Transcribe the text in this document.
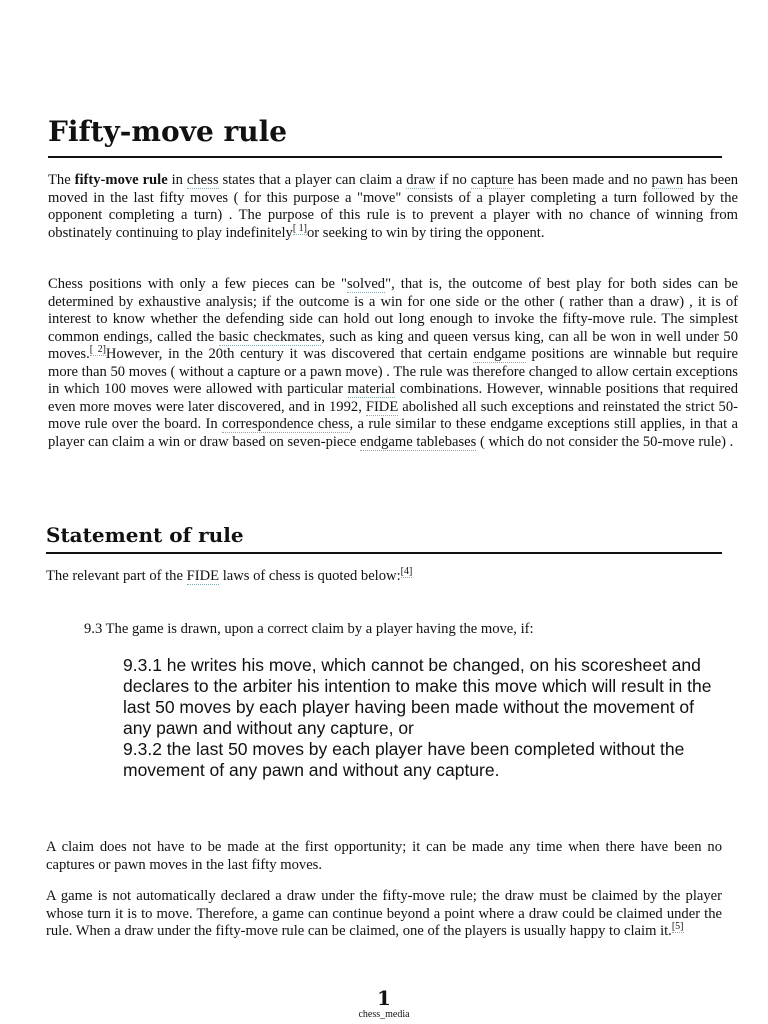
Fifty-move rule

The fifty-move rule in chess states that a player can claim a draw if no capture has been made and no pawn has been moved in the last fifty moves ( for this purpose a "move" consists of a player completing a turn followed by the opponent completing a turn) . The purpose of this rule is to prevent a player with no chance of winning from obstinately continuing to play indefinitely[ 1]or seeking to win by tiring the opponent.

Chess positions with only a few pieces can be "solved", that is, the outcome of best play for both sides can be determined by exhaustive analysis; if the outcome is a win for one side or the other ( rather than a draw) , it is of interest to know whether the defending side can hold out long enough to invoke the fifty-move rule. The simplest common endings, called the basic checkmates, such as king and queen versus king, can all be won in well under 50 moves.[ 2]However, in the 20th century it was discovered that certain endgame positions are winnable but require more than 50 moves ( without a capture or a pawn move) . The rule was therefore changed to allow certain exceptions in which 100 moves were allowed with particular material combinations. However, winnable positions that required even more moves were later discovered, and in 1992, FIDE abolished all such exceptions and reinstated the strict 50-move rule over the board. In correspondence chess, a rule similar to these endgame exceptions still applies, in that a player can claim a win or draw based on seven-piece endgame tablebases ( which do not consider the 50-move rule) .

Statement of rule

The relevant part of the FIDE laws of chess is quoted below:[4]

9.3 The game is drawn, upon a correct claim by a player having the move, if:

9.3.1 he writes his move, which cannot be changed, on his scoresheet and declares to the arbiter his intention to make this move which will result in the last 50 moves by each player having been made without the movement of any pawn and without any capture, or
9.3.2 the last 50 moves by each player have been completed without the movement of any pawn and without any capture.

A claim does not have to be made at the first opportunity; it can be made any time when there have been no captures or pawn moves in the last fifty moves.

A game is not automatically declared a draw under the fifty-move rule; the draw must be claimed by the player whose turn it is to move. Therefore, a game can continue beyond a point where a draw could be claimed under the rule. When a draw under the fifty-move rule can be claimed, one of the players is usually happy to claim it.[5]

1
chess_media
